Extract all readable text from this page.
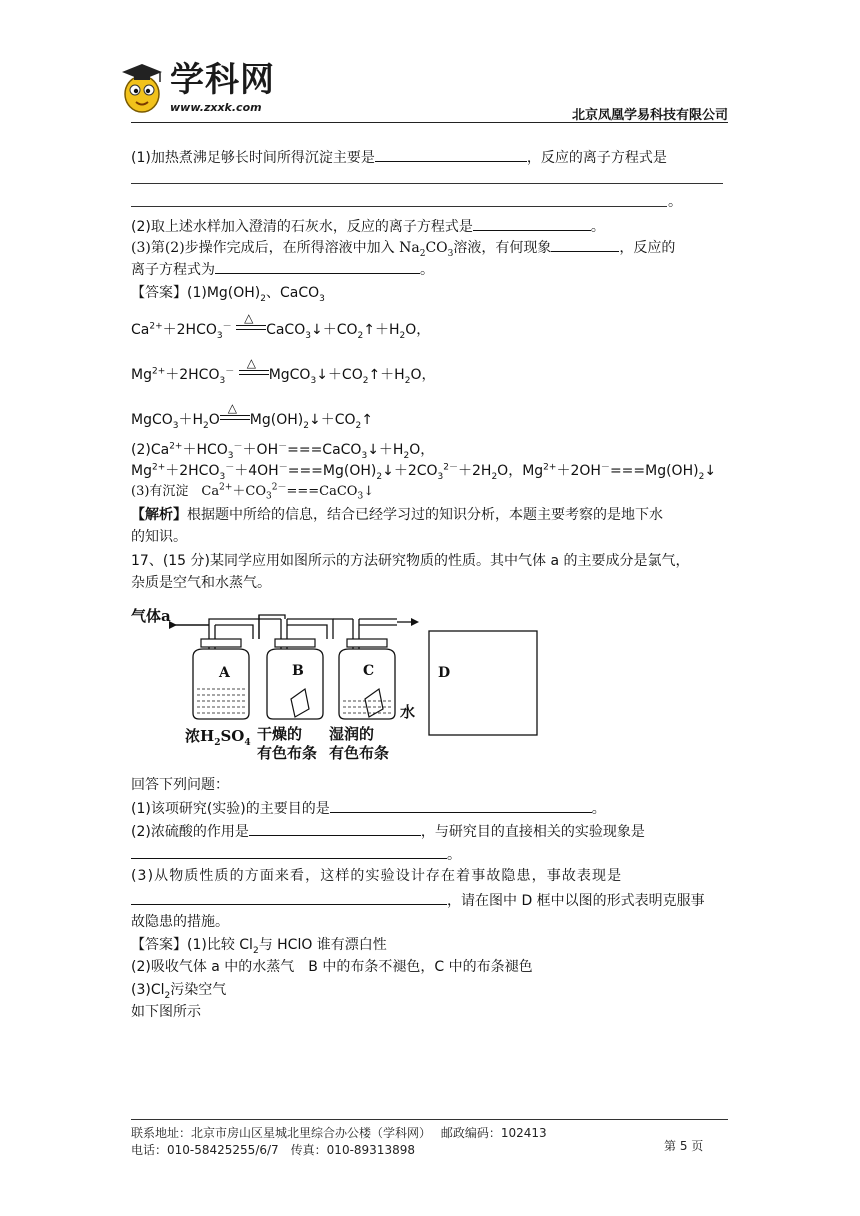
学科网
www.zxxk.com
北京凤凰学易科技有限公司
(1)加热煮沸足够长时间所得沉淀主要是	，反应的离子方程式是
。
(2)取上述水样加入澄清的石灰水，反应的离子方程式是	。
(3)第(2)步操作完成后，在所得溶液中加入 $Na_2CO_3$溶液，有何现象	，反应的
离子方程式为	。
【答案】$(1)Mg(OH)_2$、CaCO$_3$
$Ca^{2+}+2HCO_3^-$
△
$CaCO_3↓+CO_2↑+H_2O$，
$Mg^{2+}+2HCO_3^-$
△
$MgCO_3↓+CO_2↑+H_2O$，
$MgCO_3+H_2O$
△
$Mg(OH)_2↓+CO_2↑$
$(2)Ca^{2+}+HCO_3^-+OH^-===CaCO_3↓+H_2O$，
$Mg^{2+}+2HCO_3^-+4OH^-===Mg(OH)_2↓+2CO_3^{2-}+2H_2O$，$Mg^{2+}+2OH^-===Mg(OH)_2↓$
(3)有沉淀　$Ca^{2+}+CO_3^{2-}===CaCO_3↓$
【解析】根据题中所给的信息，结合已经学习过的知识分析，本题主要考察的是地下水
的知识。
17、(15 分)某同学应用如图所示的方法研究物质的性质。其中气体 a 的主要成分是氯气，
杂质是空气和水蒸气。
气体a
A	B	C	D
水
浓$H_2SO_4$ 干燥的
有色布条
湿润的
有色布条
回答下列问题：
(1)该项研究(实验)的主要目的是	。
(2)浓硫酸的作用是	，与研究目的直接相关的实验现象是
。
(3)从物质性质的方面来看，这样的实验设计存在着事故隐患，事故表现是
，请在图中 D 框中以图的形式表明克服事
故隐患的措施。
【答案】(1)比较 $Cl_2$与 HClO 谁有漂白性
(2)吸收气体 a 中的水蒸气　B 中的布条不褪色，C 中的布条褪色
$(3)Cl_2$污染空气
如下图所示
联系地址：北京市房山区星城北里综合办公楼（学科网）　 邮政编码：102413
电话：010-58425255/6/7　传真：010-89313898	第 5 页
